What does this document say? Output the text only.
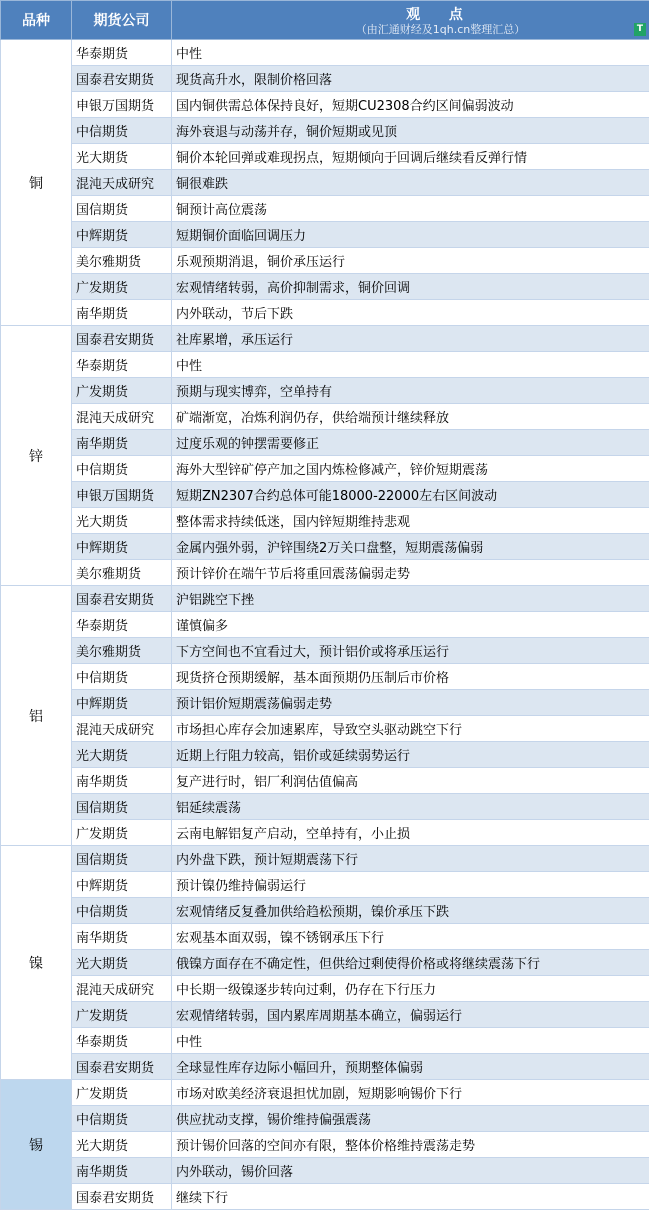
品种	期货公司	观 点
（由汇通财经及1qh.cn整理汇总） T

铜	华泰期货	中性
	国泰君安期货	现货高升水，限制价格回落
	申银万国期货	国内铜供需总体保持良好，短期CU2308合约区间偏弱波动
	中信期货	海外衰退与动荡并存，铜价短期或见顶
	光大期货	铜价本轮回弹或难现拐点，短期倾向于回调后继续看反弹行情
	混沌天成研究	铜很难跌
	国信期货	铜预计高位震荡
	中辉期货	短期铜价面临回调压力
	美尔雅期货	乐观预期消退，铜价承压运行
	广发期货	宏观情绪转弱，高价抑制需求，铜价回调
	南华期货	内外联动，节后下跌
锌	国泰君安期货	社库累增，承压运行
	华泰期货	中性
	广发期货	预期与现实博弈，空单持有
	混沌天成研究	矿端渐宽，冶炼利润仍存，供给端预计继续释放
	南华期货	过度乐观的钟摆需要修正
	中信期货	海外大型锌矿停产加之国内炼检修减产，锌价短期震荡
	申银万国期货	短期ZN2307合约总体可能18000-22000左右区间波动
	光大期货	整体需求持续低迷，国内锌短期维持悲观
	中辉期货	金属内强外弱，沪锌围绕2万关口盘整，短期震荡偏弱
	美尔雅期货	预计锌价在端午节后将重回震荡偏弱走势
铝	国泰君安期货	沪铝跳空下挫
	华泰期货	谨慎偏多
	美尔雅期货	下方空间也不宜看过大，预计铝价或将承压运行
	中信期货	现货挤仓预期缓解，基本面预期仍压制后市价格
	中辉期货	预计铝价短期震荡偏弱走势
	混沌天成研究	市场担心库存会加速累库，导致空头驱动跳空下行
	光大期货	近期上行阻力较高，铝价或延续弱势运行
	南华期货	复产进行时，铝厂利润估值偏高
	国信期货	铝延续震荡
	广发期货	云南电解铝复产启动，空单持有，小止损
镍	国信期货	内外盘下跌，预计短期震荡下行
	中辉期货	预计镍仍维持偏弱运行
	中信期货	宏观情绪反复叠加供给趋松预期，镍价承压下跌
	南华期货	宏观基本面双弱，镍不锈钢承压下行
	光大期货	俄镍方面存在不确定性，但供给过剩使得价格或将继续震荡下行
	混沌天成研究	中长期一级镍逐步转向过剩，仍存在下行压力
	广发期货	宏观情绪转弱，国内累库周期基本确立，偏弱运行
	华泰期货	中性
	国泰君安期货	全球显性库存边际小幅回升，预期整体偏弱
锡	广发期货	市场对欧美经济衰退担忧加剧，短期影响锡价下行
	中信期货	供应扰动支撑，锡价维持偏强震荡
	光大期货	预计锡价回落的空间亦有限，整体价格维持震荡走势
	南华期货	内外联动，锡价回落
	国泰君安期货	继续下行
